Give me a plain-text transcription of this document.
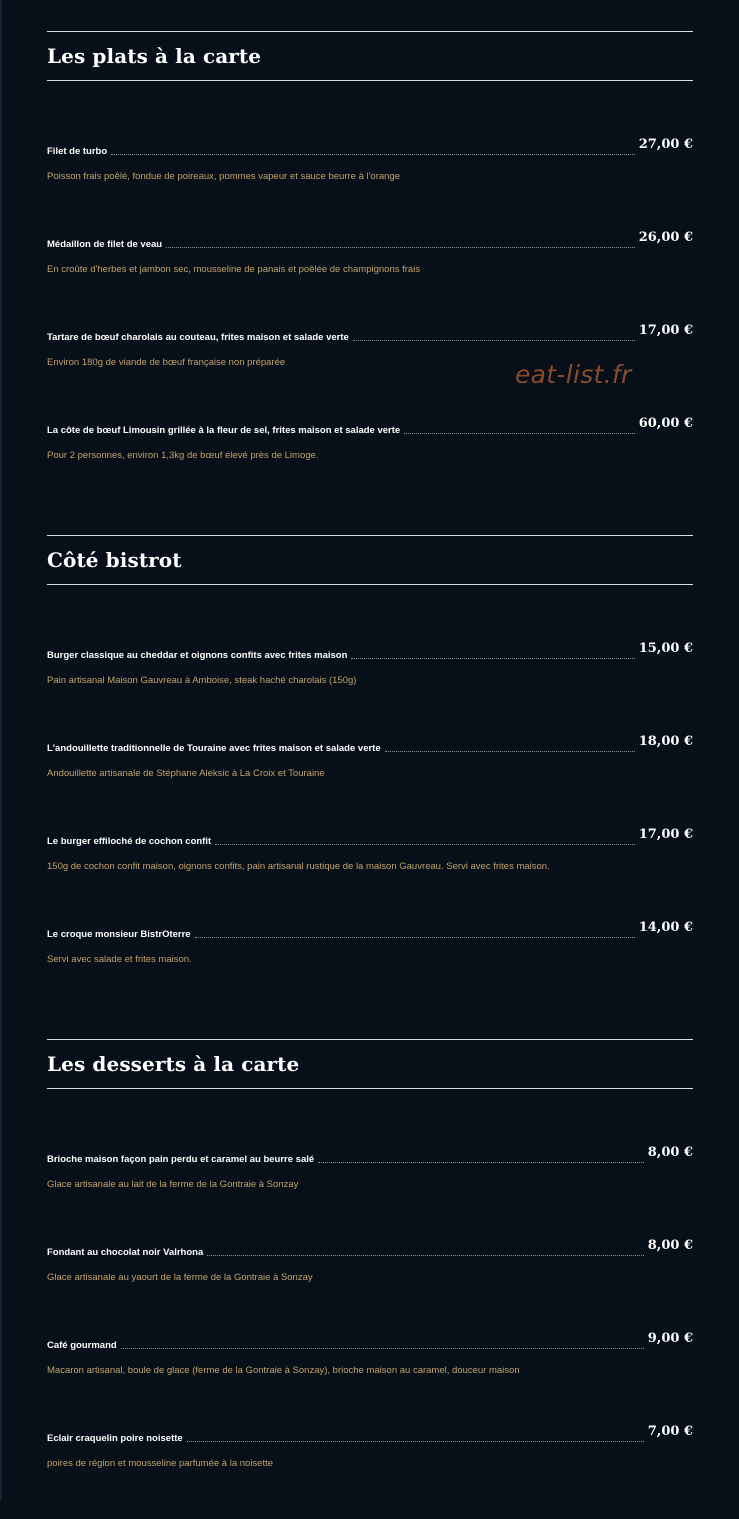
Les plats à la carte
Filet de turbo	27,00 €
Poisson frais poêlé, fondue de poireaux, pommes vapeur et sauce beurre à l'orange
Médaillon de filet de veau	26,00 €
En croûte d'herbes et jambon sec, mousseline de panais et poêlée de champignons frais
Tartare de bœuf charolais au couteau, frites maison et salade verte	17,00 €
Environ 180g de viande de bœuf française non préparée
La côte de bœuf Limousin grillée à la fleur de sel, frites maison et salade verte	60,00 €
Pour 2 personnes, environ 1,3kg de bœuf élevé près de Limoge.
Côté bistrot
Burger classique au cheddar et oignons confits avec frites maison	15,00 €
Pain artisanal Maison Gauvreau à Amboise, steak haché charolais (150g)
L'andouillette traditionnelle de Touraine avec frites maison et salade verte	18,00 €
Andouillette artisanale de Stéphane Aleksic à La Croix et Touraine
Le burger effiloché de cochon confit	17,00 €
150g de cochon confit maison, oignons confits, pain artisanal rustique de la maison Gauvreau. Servi avec frites maison.
Le croque monsieur BistrOterre	14,00 €
Servi avec salade et frites maison.
Les desserts à la carte
Brioche maison façon pain perdu et caramel au beurre salé	8,00 €
Glace artisanale au lait de la ferme de la Gontraie à Sonzay
Fondant au chocolat noir Valrhona	8,00 €
Glace artisanale au yaourt de la ferme de la Gontraie à Sonzay
Café gourmand	9,00 €
Macaron artisanal, boule de glace (ferme de la Gontraie à Sonzay), brioche maison au caramel, douceur maison
Eclair craquelin poire noisette	7,00 €
poires de région et mousseline parfumée à la noisette
eat-list.fr
